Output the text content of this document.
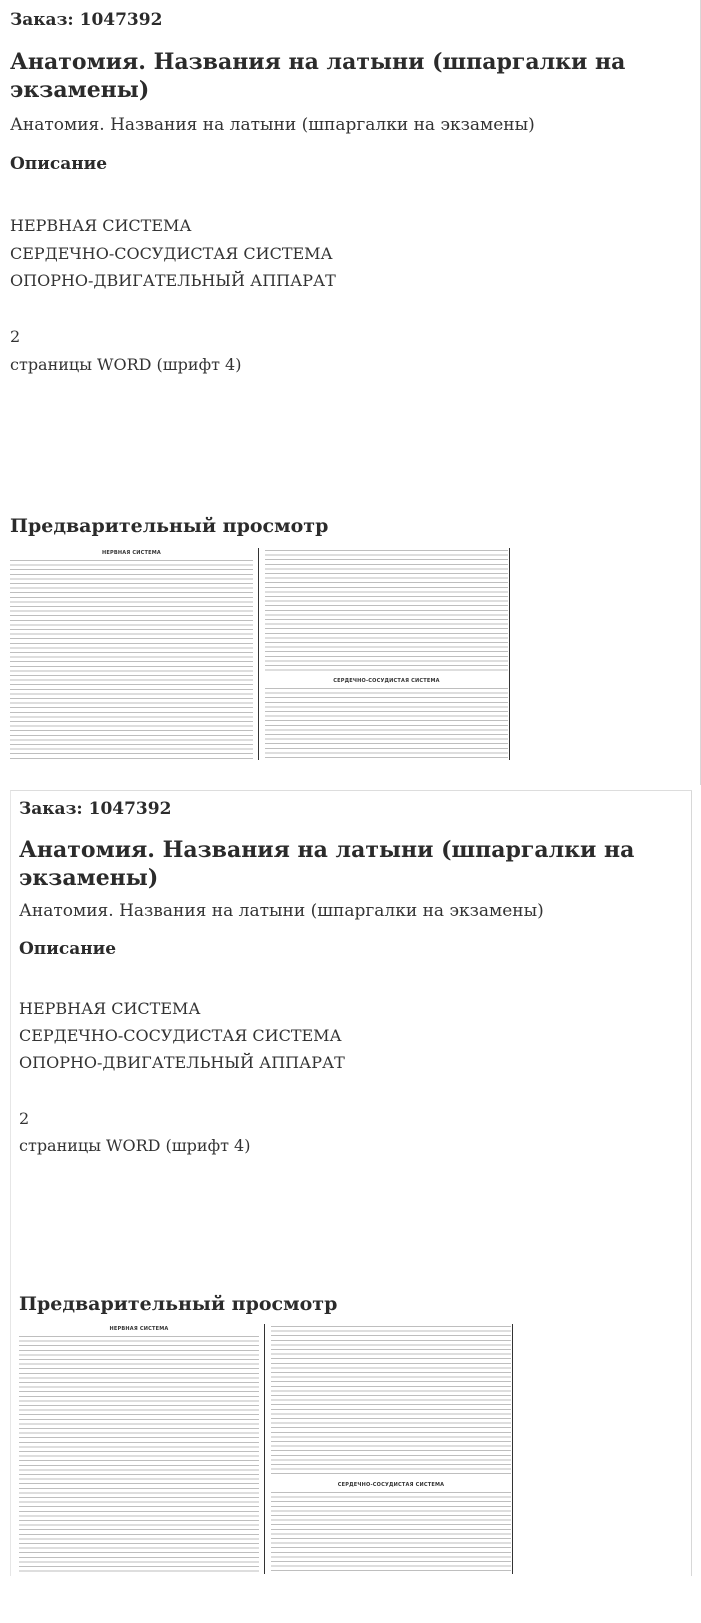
Заказ: 1047392
Анатомия. Названия на латыни (шпаргалки на экзамены)
Анатомия. Названия на латыни (шпаргалки на экзамены)
Описание
НЕРВНАЯ СИСТЕМА
СЕРДЕЧНО-СОСУДИСТАЯ СИСТЕМА
ОПОРНО-ДВИГАТЕЛЬНЫЙ АППАРАТ
2
страницы WORD (шрифт 4)
Предварительный просмотр
НЕРВНАЯ СИСТЕМА
СЕРДЕЧНО-СОСУДИСТАЯ СИСТЕМА
Заказ: 1047392
Анатомия. Названия на латыни (шпаргалки на экзамены)
Анатомия. Названия на латыни (шпаргалки на экзамены)
Описание
НЕРВНАЯ СИСТЕМА
СЕРДЕЧНО-СОСУДИСТАЯ СИСТЕМА
ОПОРНО-ДВИГАТЕЛЬНЫЙ АППАРАТ
2
страницы WORD (шрифт 4)
Предварительный просмотр
НЕРВНАЯ СИСТЕМА
СЕРДЕЧНО-СОСУДИСТАЯ СИСТЕМА
